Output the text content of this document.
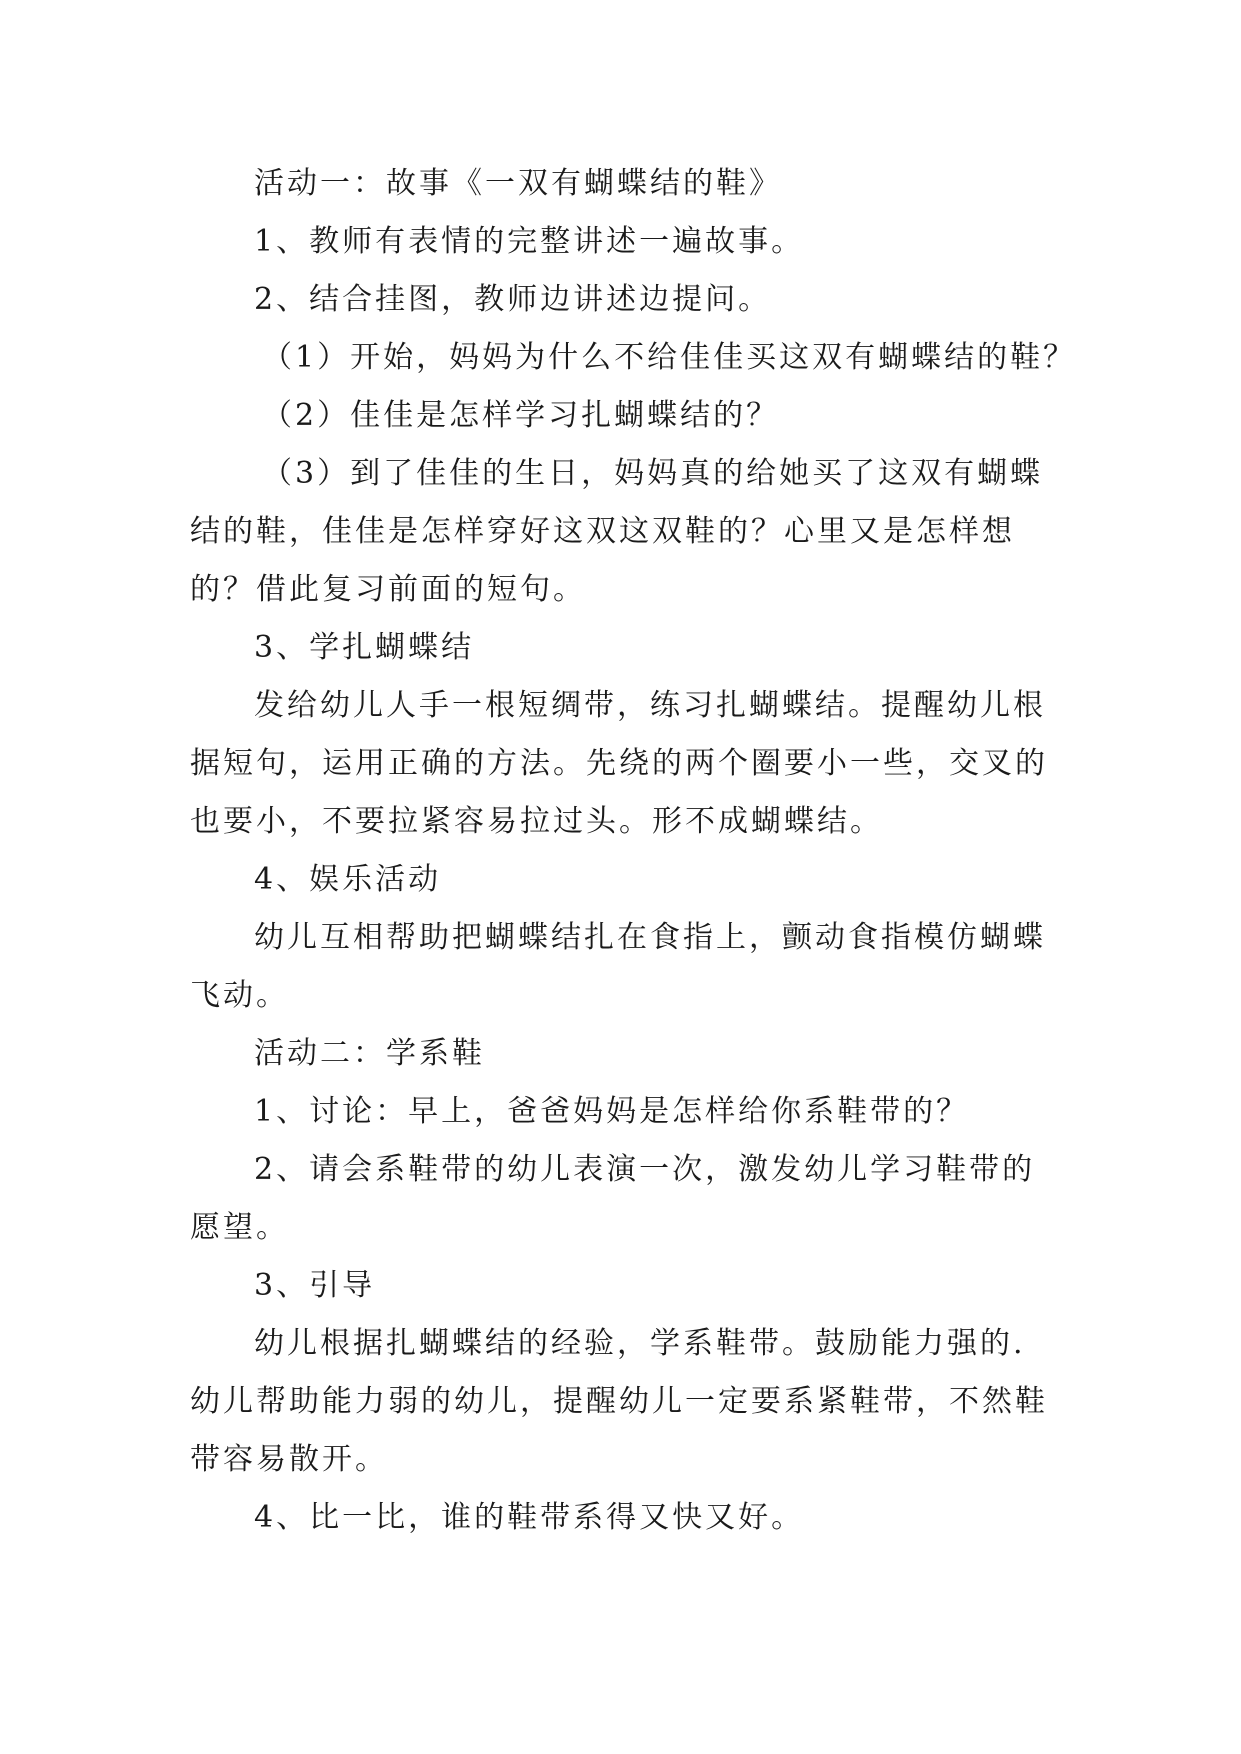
活动一：故事《一双有蝴蝶结的鞋》
1、教师有表情的完整讲述一遍故事。
2、结合挂图，教师边讲述边提问。
（1）开始，妈妈为什么不给佳佳买这双有蝴蝶结的鞋？
（2）佳佳是怎样学习扎蝴蝶结的？
（3）到了佳佳的生日，妈妈真的给她买了这双有蝴蝶
结的鞋，佳佳是怎样穿好这双这双鞋的？心里又是怎样想
的？借此复习前面的短句。
3、学扎蝴蝶结
发给幼儿人手一根短绸带，练习扎蝴蝶结。提醒幼儿根
据短句，运用正确的方法。先绕的两个圈要小一些，交叉的
也要小，不要拉紧容易拉过头。形不成蝴蝶结。
4、娱乐活动
幼儿互相帮助把蝴蝶结扎在食指上，颤动食指模仿蝴蝶
飞动。
活动二：学系鞋
1、讨论：早上，爸爸妈妈是怎样给你系鞋带的？
2、请会系鞋带的幼儿表演一次，激发幼儿学习鞋带的
愿望。
3、引导
幼儿根据扎蝴蝶结的经验，学系鞋带。鼓励能力强的.
幼儿帮助能力弱的幼儿，提醒幼儿一定要系紧鞋带，不然鞋
带容易散开。
4、比一比，谁的鞋带系得又快又好。
